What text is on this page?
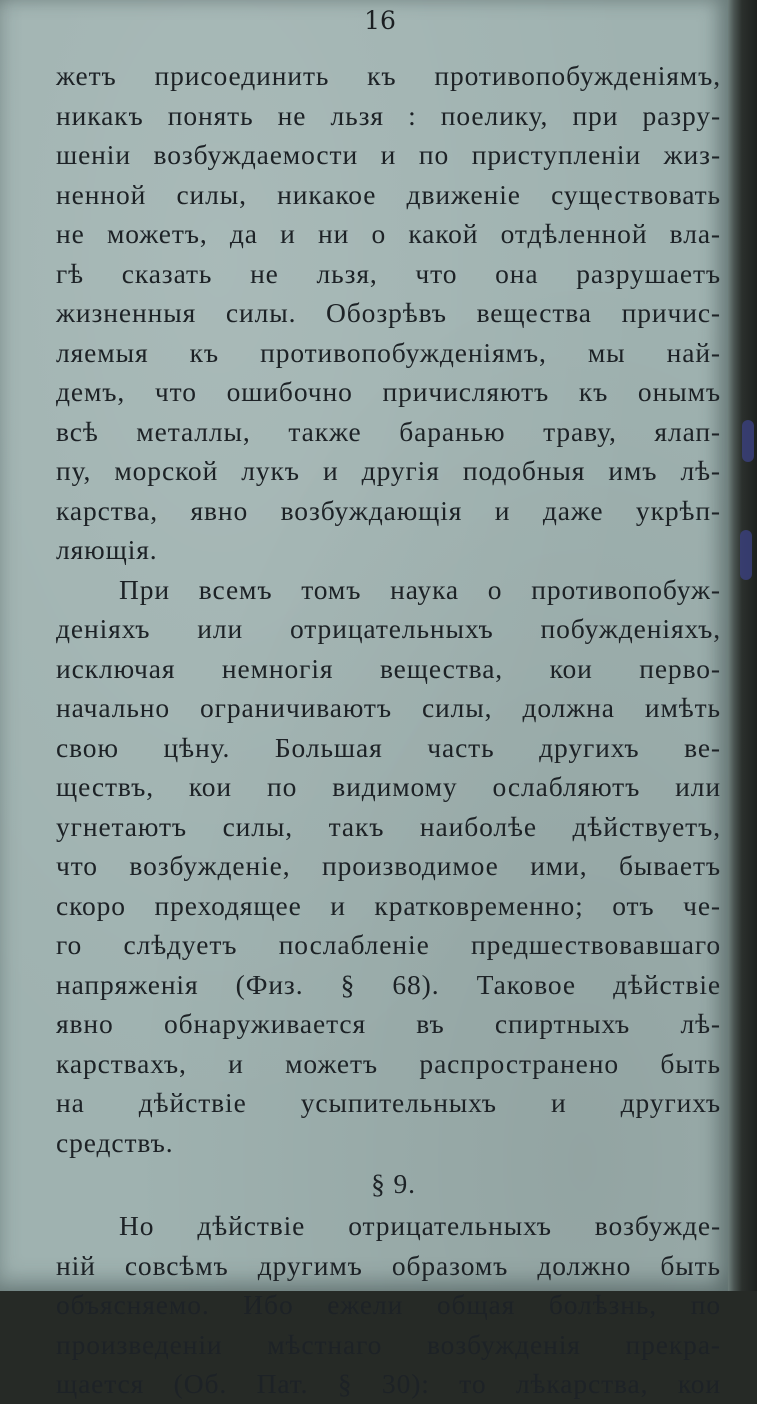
16
жетъ присоединить къ противопобужденіямъ,
никакъ понять не льзя : поелику, при разру-
шеніи возбуждаемости и по приступленіи жиз-
ненной силы, никакое движеніе существовать
не можетъ, да и ни о какой отдѣленной вла-
гѣ сказать не льзя, что она разрушаетъ
жизненныя силы. Обозрѣвъ вещества причис-
ляемыя къ противопобужденіямъ, мы най-
демъ, что ошибочно причисляютъ къ онымъ
всѣ металлы, также баранью траву, ялап-
пу, морской лукъ и другія подобныя имъ лѣ-
карства, явно возбуждающія и даже укрѣп-
ляющія.
При всемъ томъ наука о противопобуж-
деніяхъ или отрицательныхъ побужденіяхъ,
исключая немногія вещества, кои перво-
начально ограничиваютъ силы, должна имѣть
свою цѣну. Большая часть другихъ ве-
ществъ, кои по видимому ослабляютъ или
угнетаютъ силы, такъ наиболѣе дѣйствуетъ,
что возбужденіе, производимое ими, бываетъ
скоро преходящее и кратковременно; отъ че-
го слѣдуетъ послабленіе предшествовавшаго
напряженія (Физ. § 68). Таковое дѣйствіе
явно обнаруживается въ спиртныхъ лѣ-
карствахъ, и можетъ распространено быть
на дѣйствіе усыпительныхъ и другихъ
средствъ.
§ 9.
Но дѣйствіе отрицательныхъ возбужде-
ній совсѣмъ другимъ образомъ должно быть
объясняемо. Ибо ежели общая болѣзнь, по
произведеніи мѣстнаго возбужденія прекра-
щается (Об. Пат. § 30): то лѣкарства, кои
